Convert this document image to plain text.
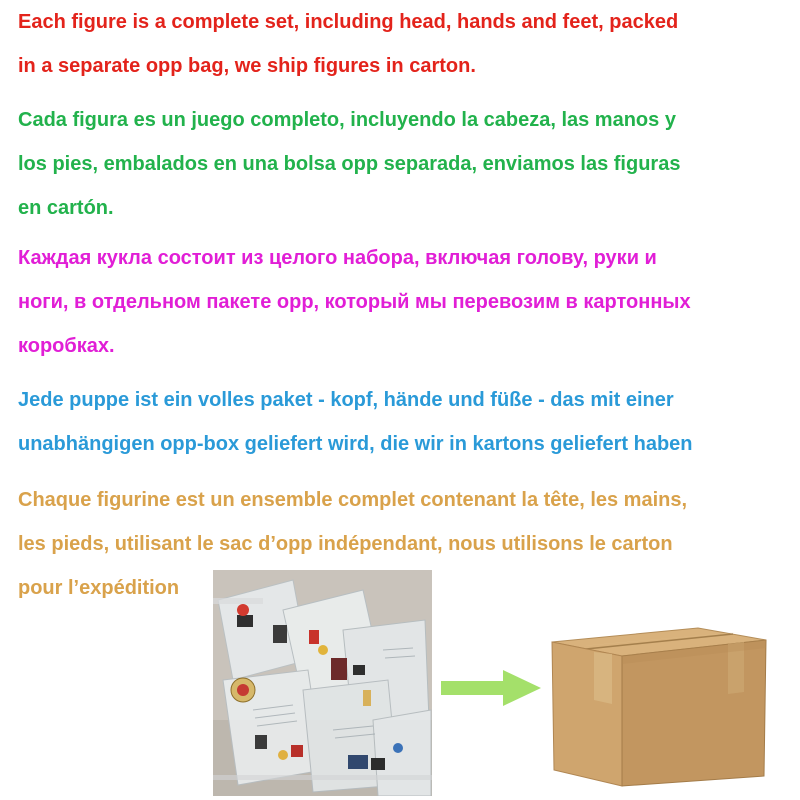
Each figure is a complete set, including head, hands and feet, packed
in a separate opp bag, we ship figures in carton.
Cada figura es un juego completo, incluyendo la cabeza, las manos y
los pies, embalados en una bolsa opp separada, enviamos las figuras
en cartón.
Каждая кукла состоит из целого набора, включая голову, руки и
ноги, в отдельном пакете opp, который мы перевозим в картонных
коробках.
Jede puppe ist ein volles paket - kopf, hände und füße - das mit einer
unabhängigen opp-box geliefert wird, die wir in kartons geliefert haben
Chaque figurine est un ensemble complet contenant la tête, les mains,
les pieds, utilisant le sac d’opp indépendant, nous utilisons le carton
pour l’expédition
